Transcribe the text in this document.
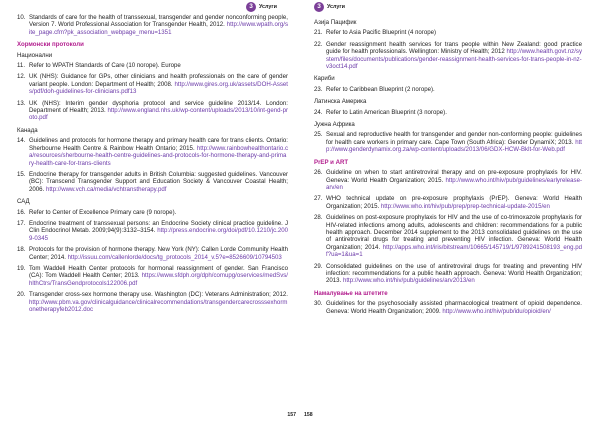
3	Услуги
10. Standards of care for the health of transsexual, transgender and gender nonconforming people, Version 7. World Professional Association for Transgender Health, 2012. http://www.wpath.org/site_page.cfm?pk_association_webpage_menu=1351
Хормонски протоколи
Национални
11. Refer to WPATH Standards of Care (10 погоре). Europe
12. UK (NHS): Guidance for GPs, other clinicians and health professionals on the care of gender variant people. London: Department of Health; 2008. http://www.gires.org.uk/assets/DOH-Assets/pdf/doh-guidelines-for-clinicians.pdf13
13. UK (NHS): Interim gender dysphoria protocol and service guideline 2013/14. London: Department of Health; 2013. http://www.england.nhs.uk/wp-content/uploads/2013/10/int-gend-proto.pdf
Канада
14. Guidelines and protocols for hormone therapy and primary health care for trans clients. Ontario: Sherbourne Health Centre & Rainbow Health Ontario; 2015. http://www.rainbowhealthontario.ca/resources/sherbourne-health-centre-guidelines-and-protocols-for-hormone-therapy-and-primary-health-care-for-trans-clients
15. Endocrine therapy for transgender adults in British Columbia: suggested guidelines. Vancouver (BC): Transcend Transgender Support and Education Society & Vancouver Coastal Health; 2006. http://www.vch.ca/media/vchtranstherapy.pdf
САД
16. Refer to Center of Excellence Primary care (9 погоре).
17. Endocrine treatment of transsexual persons: an Endocrine Society clinical practice guideline. J Clin Endocrinol Metab. 2009;94(9):3132–3154. http://press.endocrine.org/doi/pdf/10.1210/jc.2009-0345
18. Protocols for the provision of hormone therapy. New York (NY): Callen Lorde Community Health Center; 2014. http://issuu.com/callenlorde/docs/tg_protocols_2014_v.5?e=8526609/10794503
19. Tom Waddell Health Center protocols for hormonal reassignment of gender. San Francisco (CA): Tom Waddell Health Center; 2013. https://www.sfdph.org/dph/comupg/oservices/medSvs/hlthCtrs/TransGendprotocols122006.pdf
20. Transgender cross-sex hormone therapy use. Washington (DC): Veterans Administration; 2012. http://www.pbm.va.gov/clinicalguidance/clinicalrecommendations/transgendercarecrosssexhormonetherapyfeb2012.doc
157
3	Услуги
Азија Пацифик
21. Refer to Asia Pacific Blueprint (4 погоре)
22. Gender reassignment health services for trans people within New Zealand: good practice guide for health professionals. Wellington: Ministry of Health; 2012 http://www.health.govt.nz/system/files/documents/publications/gender-reassignment-health-services-for-trans-people-in-nz-v3oct14.pdf
Кариби
23. Refer to Caribbean Blueprint (2 погоре).
Латинска Америка
24. Refer to Latin American Blueprint (3 погоре).
Јужна Африка
25. Sexual and reproductive health for transgender and gender non-conforming people: guidelines for health care workers in primary care. Cape Town (South Africa): Gender DynamiX; 2013. http://www.genderdynamix.org.za/wp-content/uploads/2013/06/GDX-HCW-Bklt-for-Web.pdf
PrEP и ART
26. Guideline on when to start antiretroviral therapy and on pre-exposure prophylaxis for HIV. Geneva: World Health Organization; 2015. http://www.who.int/hiv/pub/guidelines/earlyrelease-arv/en
27. WHO technical update on pre-exposure prophylaxis (PrEP). Geneva: World Health Organization; 2015. http://www.who.int/hiv/pub/prep/prep-technical-update-2015/en
28. Guidelines on post-exposure prophylaxis for HIV and the use of co-trimoxazole prophylaxis for HIV-related infections among adults, adolescents and children: recommendations for a public health approach. December 2014 supplement to the 2013 consolidated guidelines on the use of antiretroviral drugs for treating and preventing HIV infection. Geneva: World Health Organization; 2014. http://apps.who.int/iris/bitstream/10665/145719/1/9789241508193_eng.pdf?ua=1&ua=1
29. Consolidated guidelines on the use of antiretroviral drugs for treating and preventing HIV infection: recommendations for a public health approach. Geneva: World Health Organization; 2013. http://www.who.int/hiv/pub/guidelines/arv2013/en
Намалување на штетите
30. Guidelines for the psychosocially assisted pharmacological treatment of opioid dependence. Geneva: World Health Organization; 2009. http://www.who.int/hiv/pub/idu/opioid/en/
158
